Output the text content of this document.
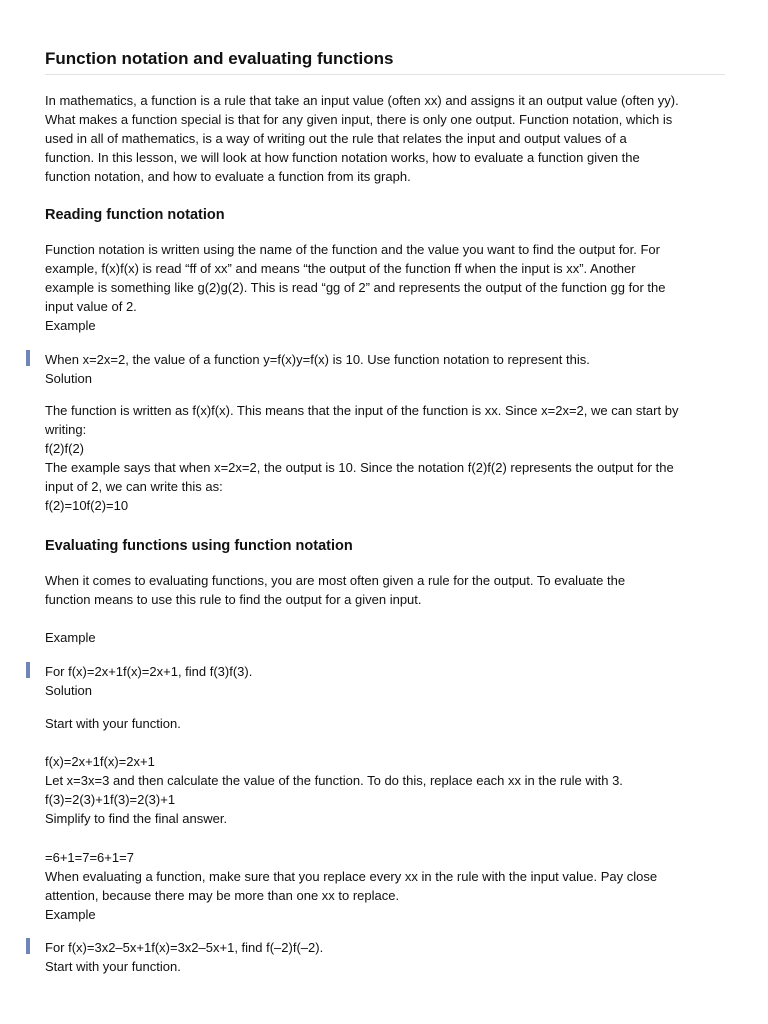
Function notation and evaluating functions
In mathematics, a function is a rule that take an input value (often xx) and assigns it an output value (often yy).
What makes a function special is that for any given input, there is only one output. Function notation, which is
used in all of mathematics, is a way of writing out the rule that relates the input and output values of a
function. In this lesson, we will look at how function notation works, how to evaluate a function given the
function notation, and how to evaluate a function from its graph.
Reading function notation
Function notation is written using the name of the function and the value you want to find the output for. For
example, f(x)f(x) is read “ff of xx” and means “the output of the function ff when the input is xx”. Another
example is something like g(2)g(2). This is read “gg of 2” and represents the output of the function gg for the
input value of 2.
Example
When x=2x=2, the value of a function y=f(x)y=f(x) is 10. Use function notation to represent this.
Solution
The function is written as f(x)f(x). This means that the input of the function is xx. Since x=2x=2, we can start by
writing:
f(2)f(2)
The example says that when x=2x=2, the output is 10. Since the notation f(2)f(2) represents the output for the
input of 2, we can write this as:
f(2)=10f(2)=10
Evaluating functions using function notation
When it comes to evaluating functions, you are most often given a rule for the output. To evaluate the
function means to use this rule to find the output for a given input.
Example
For f(x)=2x+1f(x)=2x+1, find f(3)f(3).
Solution
Start with your function.
f(x)=2x+1f(x)=2x+1
Let x=3x=3 and then calculate the value of the function. To do this, replace each xx in the rule with 3.
f(3)=2(3)+1f(3)=2(3)+1
Simplify to find the final answer.
=6+1=7=6+1=7
When evaluating a function, make sure that you replace every xx in the rule with the input value. Pay close
attention, because there may be more than one xx to replace.
Example
For f(x)=3x2–5x+1f(x)=3x2–5x+1, find f(–2)f(–2).
Start with your function.
